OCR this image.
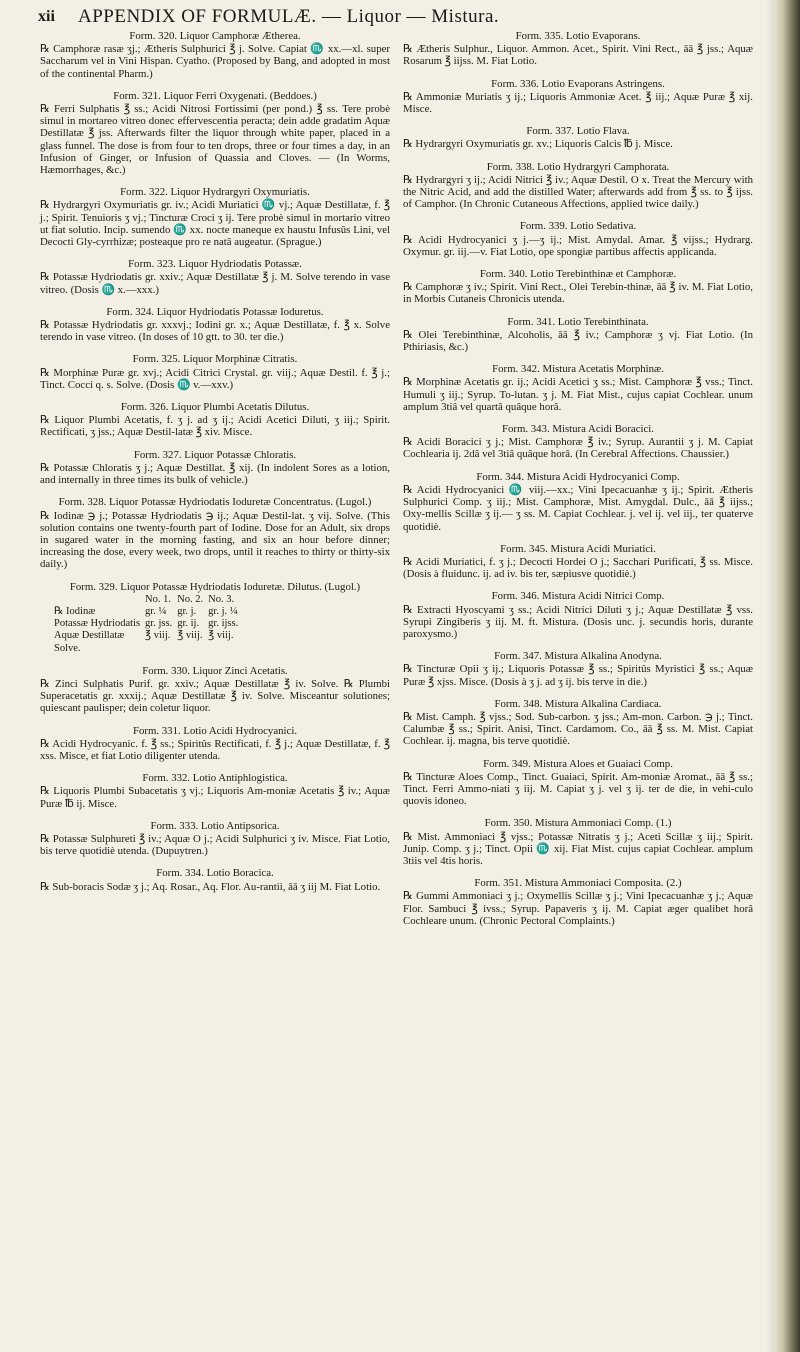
xii	APPENDIX OF FORMULÆ. — Liquor — Mistura.
Form. 320. Liquor Camphoræ Ætherea.
℞ Camphoræ rasæ ʒj.; Ætheris Sulphurici ℥ j. Solve. Capiat ♏ xx.—xl. super Saccharum vel in Vini Hispan. Cyatho. (Proposed by Bang, and adopted in most of the continental Pharm.)
Form. 321. Liquor Ferri Oxygenati. (Beddoes.)
℞ Ferri Sulphatis ℥ ss.; Acidi Nitrosi Fortissimi (per pond.) ℥ ss. Tere probè simul in mortareo vitreo donec effervescentia peracta; dein adde gradatim Aquæ Destillatæ ℥ jss. Afterwards filter the liquor through white paper, placed in a glass funnel. The dose is from four to ten drops, three or four times a day, in an Infusion of Ginger, or Infusion of Quassia and Cloves. — (In Worms, Hæmorrhages, &c.)
Form. 322. Liquor Hydrargyri Oxymuriatis.
℞ Hydrargyri Oxymuriatis gr. iv.; Acidi Muriatici ♏ vj.; Aquæ Destillatæ, f. ℥ j.; Spirit. Tenuioris ʒ vj.; Tincturæ Croci ʒ ij. Tere probè simul in mortario vitreo ut fiat solutio. Incip. sumendo ♏ xx. nocte maneque ex haustu Infusûs Lini, vel Decocti Gly-cyrrhizæ; posteaque pro re natâ augeatur. (Sprague.)
Form. 323. Liquor Hydriodatis Potassæ.
℞ Potassæ Hydriodatis gr. xxiv.; Aquæ Destillatæ ℥ j. M. Solve terendo in vase vitreo. (Dosis ♏ x.—xxx.)
Form. 324. Liquor Hydriodatis Potassæ Ioduretus.
℞ Potassæ Hydriodatis gr. xxxvj.; Iodini gr. x.; Aquæ Destillatæ, f. ℥ x. Solve terendo in vase vitreo. (In doses of 10 gtt. to 30. ter die.)
Form. 325. Liquor Morphinæ Citratis.
℞ Morphinæ Puræ gr. xvj.; Acidi Citrici Crystal. gr. viij.; Aquæ Destil. f. ℥ j.; Tinct. Cocci q. s. Solve. (Dosis ♏ v.—xxv.)
Form. 326. Liquor Plumbi Acetatis Dilutus.
℞ Liquor Plumbi Acetatis, f. ʒ j. ad ʒ ij.; Acidi Acetici Diluti, ʒ iij.; Spirit. Rectificati, ʒ jss.; Aquæ Destil-latæ ℥ xiv. Misce.
Form. 327. Liquor Potassæ Chloratis.
℞ Potassæ Chloratis ʒ j.; Aquæ Destillat. ℥ xij. (In indolent Sores as a lotion, and internally in three times its bulk of vehicle.)
Form. 328. Liquor Potassæ Hydriodatis Ioduretæ Concentratus. (Lugol.)
℞ Iodinæ ℈ j.; Potassæ Hydriodatis ℈ ij.; Aquæ Destil-lat. ʒ vij. Solve. (This solution contains one twenty-fourth part of Iodine. Dose for an Adult, six drops in sugared water in the morning fasting, and six an hour before dinner; increasing the dose, every week, two drops, until it reaches to thirty or thirty-six daily.)
Form. 329. Liquor Potassæ Hydriodatis Ioduretæ. Dilutus. (Lugol.)
	No. 1.	No. 2.	No. 3.
℞ Iodinæ	gr. ¼	gr. j.	gr. j. ¼
Potassæ Hydriodatis	gr. jss.	gr. ij.	gr. ijss.
Aquæ Destillatæ	℥ viij.	℥ viij.	℥ viij.
Solve.			
Form. 330. Liquor Zinci Acetatis.
℞ Zinci Sulphatis Purif. gr. xxiv.; Aquæ Destillatæ ℥ iv. Solve. ℞ Plumbi Superacetatis gr. xxxij.; Aquæ Destillatæ ℥ iv. Solve. Misceantur solutiones; quiescant paulisper; dein coletur liquor.
Form. 331. Lotio Acidi Hydrocyanici.
℞ Acidi Hydrocyanic. f. ℥ ss.; Spiritûs Rectificati, f. ℥ j.; Aquæ Destillatæ, f. ℥ xss. Misce, et fiat Lotio diligenter utenda.
Form. 332. Lotio Antiphlogistica.
℞ Liquoris Plumbi Subacetatis ʒ vj.; Liquoris Am-moniæ Acetatis ℥ iv.; Aquæ Puræ ℔ ij. Misce.
Form. 333. Lotio Antipsorica.
℞ Potassæ Sulphureti ℥ iv.; Aquæ O j.; Acidi Sulphurici ʒ iv. Misce. Fiat Lotio, bis terve quotidiè utenda. (Dupuytren.)
Form. 334. Lotio Boracica.
℞ Sub-boracis Sodæ ʒ j.; Aq. Rosar., Aq. Flor. Au-rantii, āā ʒ iij M. Fiat Lotio.
Form. 335. Lotio Evaporans.
℞ Ætheris Sulphur., Liquor. Ammon. Acet., Spirit. Vini Rect., āā ℥ jss.; Aquæ Rosarum ℥ iijss. M. Fiat Lotio.
Form. 336. Lotio Evaporans Astringens.
℞ Ammoniæ Muriatis ʒ ij.; Liquoris Ammoniæ Acet. ℥ iij.; Aquæ Puræ ℥ xij. Misce.
Form. 337. Lotio Flava.
℞ Hydrargyri Oxymuriatis gr. xv.; Liquoris Calcis ℔ j. Misce.
Form. 338. Lotio Hydrargyri Camphorata.
℞ Hydrargyri ʒ ij.; Acidi Nitrici ℥ iv.; Aquæ Destil. O x. Treat the Mercury with the Nitric Acid, and add the distilled Water; afterwards add from ℥ ss. to ℥ ijss. of Camphor. (In Chronic Cutaneous Affections, applied twice daily.)
Form. 339. Lotio Sedativa.
℞ Acidi Hydrocyanici ʒ j.—ʒ ij.; Mist. Amydal. Amar. ℥ vijss.; Hydrarg. Oxymur. gr. iij.—v. Fiat Lotio, ope spongiæ partibus affectis applicanda.
Form. 340. Lotio Terebinthinæ et Camphoræ.
℞ Camphoræ ʒ iv.; Spirit. Vini Rect., Olei Terebin-thinæ, āā ℥ iv. M. Fiat Lotio, in Morbis Cutaneis Chronicis utenda.
Form. 341. Lotio Terebinthinata.
℞ Olei Terebinthinæ, Alcoholis, āā ℥ iv.; Camphoræ ʒ vj. Fiat Lotio. (In Pthiriasis, &c.)
Form. 342. Mistura Acetatis Morphinæ.
℞ Morphinæ Acetatis gr. ij.; Acidi Acetici ʒ ss.; Mist. Camphoræ ℥ vss.; Tinct. Humuli ʒ iij.; Syrup. To-lutan. ʒ j. M. Fiat Mist., cujus capiat Cochlear. unum amplum 3tiâ vel quartâ quâque horâ.
Form. 343. Mistura Acidi Boracici.
℞ Acidi Boracici ʒ j.; Mist. Camphoræ ℥ iv.; Syrup. Aurantii ʒ j. M. Capiat Cochlearia ij. 2dâ vel 3tiâ quâque horâ. (In Cerebral Affections. Chaussier.)
Form. 344. Mistura Acidi Hydrocyanici Comp.
℞ Acidi Hydrocyanici ♏ viij.—xx.; Vini Ipecacuanhæ ʒ ij.; Spirit. Ætheris Sulphurici Comp. ʒ iij.; Mist. Camphoræ, Mist. Amygdal. Dulc., āā ℥ iijss.; Oxy-mellis Scillæ ʒ ij.— ʒ ss. M. Capiat Cochlear. j. vel ij. vel iij., ter quaterve quotidiè.
Form. 345. Mistura Acidi Muriatici.
℞ Acidi Muriatici, f. ʒ j.; Decocti Hordei O j.; Sacchari Purificati, ℥ ss. Misce. (Dosis à fluidunc. ij. ad iv. bis ter, sæpiusve quotidiè.)
Form. 346. Mistura Acidi Nitrici Comp.
℞ Extracti Hyoscyami ʒ ss.; Acidi Nitrici Diluti ʒ j.; Aquæ Destillatæ ℥ vss. Syrupi Zingiberis ʒ iij. M. ft. Mistura. (Dosis unc. j. secundis horis, durante paroxysmo.)
Form. 347. Mistura Alkalina Anodyna.
℞ Tincturæ Opii ʒ ij.; Liquoris Potassæ ℥ ss.; Spiritûs Myristici ℥ ss.; Aquæ Puræ ℥ xjss. Misce. (Dosis à ʒ j. ad ʒ ij. bis terve in die.)
Form. 348. Mistura Alkalina Cardiaca.
℞ Mist. Camph. ℥ vjss.; Sod. Sub-carbon. ʒ jss.; Am-mon. Carbon. ℈ j.; Tinct. Calumbæ ℥ ss.; Spirit. Anisi, Tinct. Cardamom. Co., āā ℥ ss. M. Mist. Capiat Cochlear. ij. magna, bis terve quotidiè.
Form. 349. Mistura Aloes et Guaiaci Comp.
℞ Tincturæ Aloes Comp., Tinct. Guaiaci, Spirit. Am-moniæ Aromat., āā ℥ ss.; Tinct. Ferri Ammo-niati ʒ iij. M. Capiat ʒ j. vel ʒ ij. ter de die, in vehi-culo quovis idoneo.
Form. 350. Mistura Ammoniaci Comp. (1.)
℞ Mist. Ammoniaci ℥ vjss.; Potassæ Nitratis ʒ j.; Aceti Scillæ ʒ iij.; Spirit. Junip. Comp. ʒ j.; Tinct. Opii ♏ xij. Fiat Mist. cujus capiat Cochlear. amplum 3tiis vel 4tis horis.
Form. 351. Mistura Ammoniaci Composita. (2.)
℞ Gummi Ammoniaci ʒ j.; Oxymellis Scillæ ʒ j.; Vini Ipecacuanhæ ʒ j.; Aquæ Flor. Sambuci ℥ ivss.; Syrup. Papaveris ʒ ij. M. Capiat æger qualibet horâ Cochleare unum. (Chronic Pectoral Complaints.)
